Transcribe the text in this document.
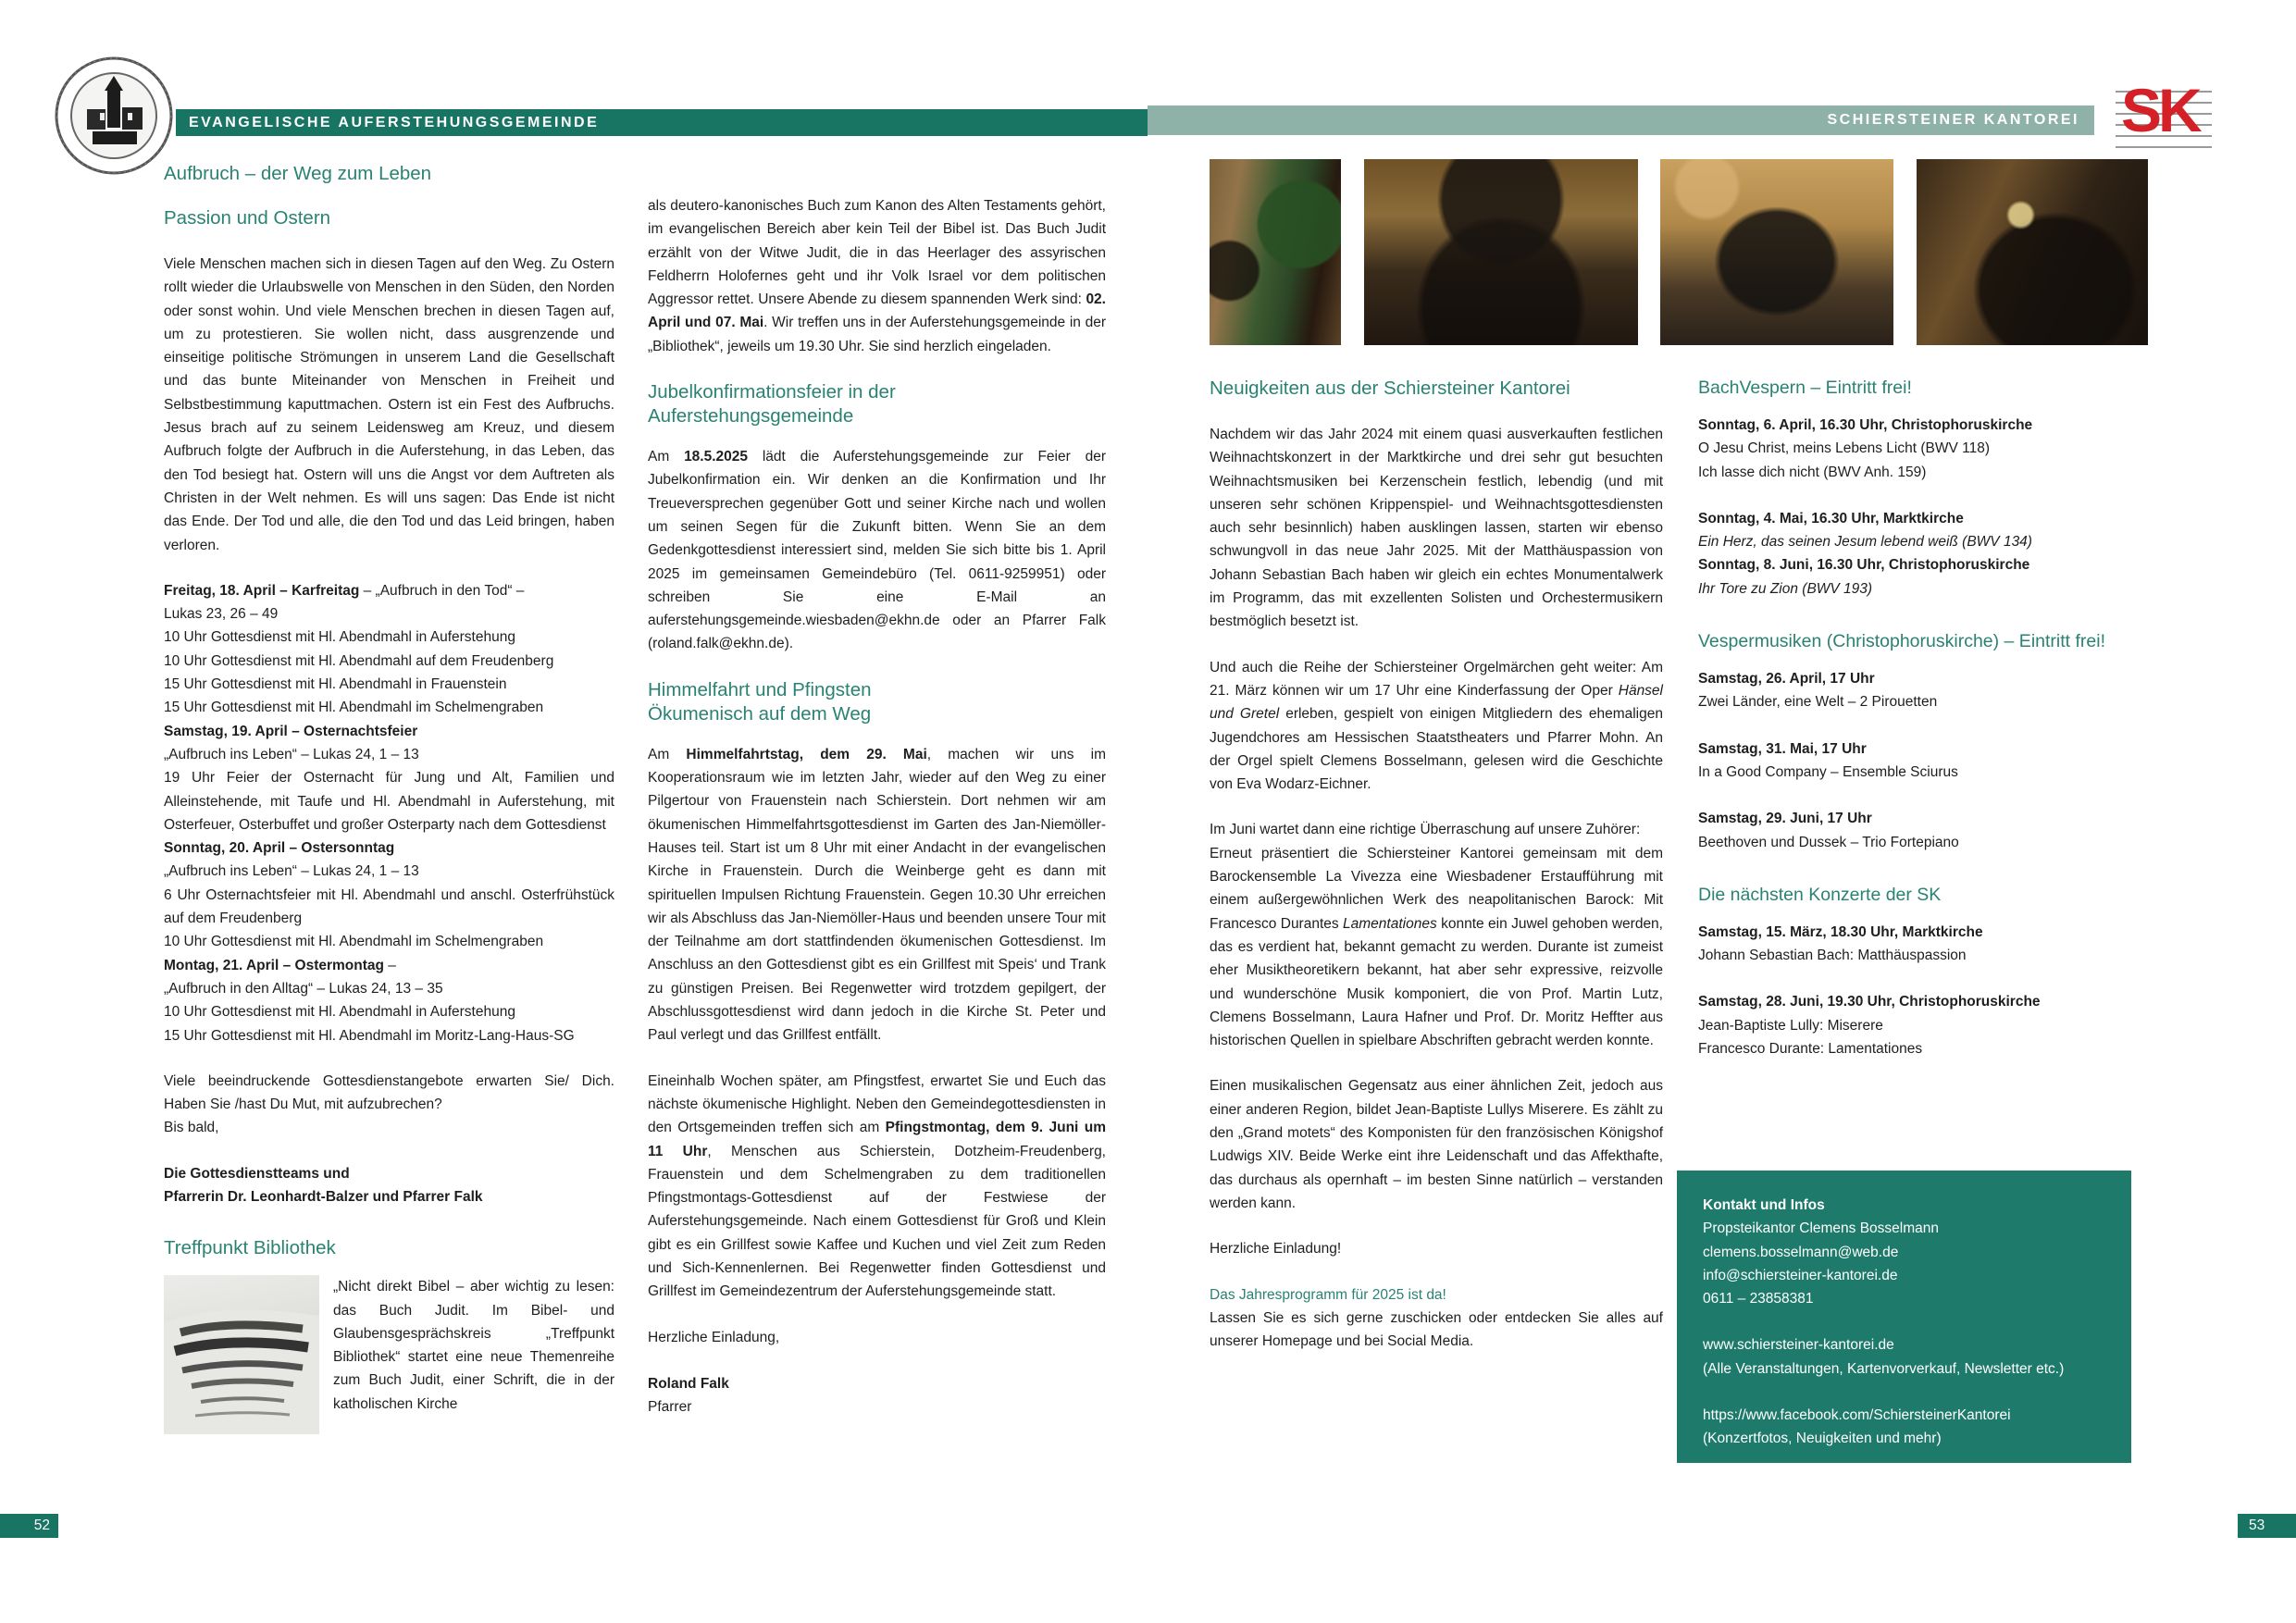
EVANGELISCHE AUFERSTEHUNGSGEMEINDE	SCHIERSTEINER KANTOREI SK
Aufbruch – der Weg zum Leben
Passion und Ostern

Viele Menschen machen sich in diesen Tagen auf den Weg. Zu Ostern rollt wieder die Urlaubswelle von Menschen in den Süden, den Norden oder sonst wohin. Und viele Menschen brechen in diesen Tagen auf, um zu protestieren. Sie wollen nicht, dass ausgrenzende und einseitige politische Strömungen in unserem Land die Gesellschaft und das bunte Miteinander von Menschen in Freiheit und Selbstbestimmung kaputtmachen. Ostern ist ein Fest des Aufbruchs. Jesus brach auf zu seinem Leidensweg am Kreuz, und diesem Aufbruch folgte der Aufbruch in die Auferstehung, in das Leben, das den Tod besiegt hat. Ostern will uns die Angst vor dem Auftreten als Christen in der Welt nehmen. Es will uns sagen: Das Ende ist nicht das Ende. Der Tod und alle, die den Tod und das Leid bringen, haben verloren.

Freitag, 18. April – Karfreitag – „Aufbruch in den Tod“ –
Lukas 23, 26 – 49
10 Uhr Gottesdienst mit Hl. Abendmahl in Auferstehung
10 Uhr Gottesdienst mit Hl. Abendmahl auf dem Freudenberg
15 Uhr Gottesdienst mit Hl. Abendmahl in Frauenstein
15 Uhr Gottesdienst mit Hl. Abendmahl im Schelmengraben
Samstag, 19. April – Osternachtsfeier
„Aufbruch ins Leben“ – Lukas 24, 1 – 13
19 Uhr Feier der Osternacht für Jung und Alt, Familien und Alleinstehende, mit Taufe und Hl. Abendmahl in Auferstehung, mit Osterfeuer, Osterbuffet und großer Osterparty nach dem Gottesdienst
Sonntag, 20. April – Ostersonntag
„Aufbruch ins Leben“ – Lukas 24, 1 – 13
6 Uhr Osternachtsfeier mit Hl. Abendmahl und anschl. Osterfrühstück auf dem Freudenberg
10 Uhr Gottesdienst mit Hl. Abendmahl im Schelmengraben
Montag, 21. April – Ostermontag –
„Aufbruch in den Alltag“ – Lukas 24, 13 – 35
10 Uhr Gottesdienst mit Hl. Abendmahl in Auferstehung
15 Uhr Gottesdienst mit Hl. Abendmahl im Moritz-Lang-Haus-SG
Viele beeindruckende Gottesdienstangebote erwarten Sie/ Dich. Haben Sie /hast Du Mut, mit aufzubrechen?
Bis bald,
Die Gottesdienstteams und
Pfarrerin Dr. Leonhardt-Balzer und Pfarrer Falk
Treffpunkt Bibliothek

„Nicht direkt Bibel – aber wichtig zu lesen: das Buch Judit. Im Bibel- und Glaubensgesprächskreis „Treffpunkt Bibliothek“ startet eine neue Themenreihe zum Buch Judit, einer Schrift, die in der katholischen Kirche

als deutero-kanonisches Buch zum Kanon des Alten Testaments gehört, im evangelischen Bereich aber kein Teil der Bibel ist. Das Buch Judit erzählt von der Witwe Judit, die in das Heerlager des assyrischen Feldherrn Holofernes geht und ihr Volk Israel vor dem politischen Aggressor rettet. Unsere Abende zu diesem spannenden Werk sind: 02. April und 07. Mai. Wir treffen uns in der Auferstehungsgemeinde in der „Bibliothek“, jeweils um 19.30 Uhr. Sie sind herzlich eingeladen.

Jubelkonfirmationsfeier in der
Auferstehungsgemeinde

Am 18.5.2025 lädt die Auferstehungsgemeinde zur Feier der Jubelkonfirmation ein. Wir denken an die Konfirmation und Ihr Treueversprechen gegenüber Gott und seiner Kirche nach und wollen um seinen Segen für die Zukunft bitten. Wenn Sie an dem Gedenkgottesdienst interessiert sind, melden Sie sich bitte bis 1. April 2025 im gemeinsamen Gemeindebüro (Tel. 0611-9259951) oder schreiben Sie eine E-Mail an auferstehungsgemeinde.wiesbaden@ekhn.de oder an Pfarrer Falk (roland.falk@ekhn.de).

Himmelfahrt und Pfingsten
Ökumenisch auf dem Weg

Am Himmelfahrtstag, dem 29. Mai, machen wir uns im Kooperationsraum wie im letzten Jahr, wieder auf den Weg zu einer Pilgertour von Frauenstein nach Schierstein. Dort nehmen wir am ökumenischen Himmelfahrtsgottesdienst im Garten des Jan-Niemöller-Hauses teil. Start ist um 8 Uhr mit einer Andacht in der evangelischen Kirche in Frauenstein. Durch die Weinberge geht es dann mit spirituellen Impulsen Richtung Frauenstein. Gegen 10.30 Uhr erreichen wir als Abschluss das Jan-Niemöller-Haus und beenden unsere Tour mit der Teilnahme am dort stattfindenden ökumenischen Gottesdienst. Im Anschluss an den Gottesdienst gibt es ein Grillfest mit Speis‘ und Trank zu günstigen Preisen. Bei Regenwetter wird trotzdem gepilgert, der Abschlussgottesdienst wird dann jedoch in die Kirche St. Peter und Paul verlegt und das Grillfest entfällt.

Eineinhalb Wochen später, am Pfingstfest, erwartet Sie und Euch das nächste ökumenische Highlight. Neben den Gemeindegottesdiensten in den Ortsgemeinden treffen sich am Pfingstmontag, dem 9. Juni um 11 Uhr, Menschen aus Schierstein, Dotzheim-Freudenberg, Frauenstein und dem Schelmengraben zu dem traditionellen Pfingstmontags-Gottesdienst auf der Festwiese der Auferstehungsgemeinde. Nach einem Gottesdienst für Groß und Klein gibt es ein Grillfest sowie Kaffee und Kuchen und viel Zeit zum Reden und Sich-Kennenlernen. Bei Regenwetter finden Gottesdienst und Grillfest im Gemeindezentrum der Auferstehungsgemeinde statt.

Herzliche Einladung,

Roland Falk
Pfarrer
Neuigkeiten aus der Schiersteiner Kantorei

Nachdem wir das Jahr 2024 mit einem quasi ausverkauften festlichen Weihnachtskonzert in der Marktkirche und drei sehr gut besuchten Weihnachtsmusiken bei Kerzenschein festlich, lebendig (und mit unseren sehr schönen Krippenspiel- und Weihnachtsgottesdiensten auch sehr besinnlich) haben ausklingen lassen, starten wir ebenso schwungvoll in das neue Jahr 2025. Mit der Matthäuspassion von Johann Sebastian Bach haben wir gleich ein echtes Monumentalwerk im Programm, das mit exzellenten Solisten und Orchestermusikern bestmöglich besetzt ist.

Und auch die Reihe der Schiersteiner Orgelmärchen geht weiter: Am 21. März können wir um 17 Uhr eine Kinderfassung der Oper Hänsel und Gretel erleben, gespielt von einigen Mitgliedern des ehemaligen Jugendchores am Hessischen Staatstheaters und Pfarrer Mohn. An der Orgel spielt Clemens Bosselmann, gelesen wird die Geschichte von Eva Wodarz-Eichner.

Im Juni wartet dann eine richtige Überraschung auf unsere Zuhörer:

Erneut präsentiert die Schiersteiner Kantorei gemeinsam mit dem Barockensemble La Vivezza eine Wiesbadener Erstaufführung mit einem außergewöhnlichen Werk des neapolitanischen Barock: Mit Francesco Durantes Lamentationes konnte ein Juwel gehoben werden, das es verdient hat, bekannt gemacht zu werden. Durante ist zumeist eher Musiktheoretikern bekannt, hat aber sehr expressive, reizvolle und wunderschöne Musik komponiert, die von Prof. Martin Lutz, Clemens Bosselmann, Laura Hafner und Prof. Dr. Moritz Heffter aus historischen Quellen in spielbare Abschriften gebracht werden konnte.

Einen musikalischen Gegensatz aus einer ähnlichen Zeit, jedoch aus einer anderen Region, bildet Jean-Baptiste Lullys Miserere. Es zählt zu den „Grand motets“ des Komponisten für den französischen Königshof Ludwigs XIV. Beide Werke eint ihre Leidenschaft und das Affekthafte, das durchaus als opernhaft – im besten Sinne natürlich – verstanden werden kann.

Herzliche Einladung!

Das Jahresprogramm für 2025 ist da!

Lassen Sie es sich gerne zuschicken oder entdecken Sie alles auf unserer Homepage und bei Social Media.

BachVespern – Eintritt frei!
Sonntag, 6. April, 16.30 Uhr, Christophoruskirche
O Jesu Christ, meins Lebens Licht (BWV 118)
Ich lasse dich nicht (BWV Anh. 159)
Sonntag, 4. Mai, 16.30 Uhr, Marktkirche
Ein Herz, das seinen Jesum lebend weiß (BWV 134)
Sonntag, 8. Juni, 16.30 Uhr, Christophoruskirche
Ihr Tore zu Zion (BWV 193)
Vespermusiken (Christophoruskirche) – Eintritt frei!
Samstag, 26. April, 17 Uhr
Zwei Länder, eine Welt – 2 Pirouetten
Samstag, 31. Mai, 17 Uhr
In a Good Company – Ensemble Sciurus
Samstag, 29. Juni, 17 Uhr
Beethoven und Dussek – Trio Fortepiano
Die nächsten Konzerte der SK
Samstag, 15. März, 18.30 Uhr, Marktkirche
Johann Sebastian Bach: Matthäuspassion
Samstag, 28. Juni, 19.30 Uhr, Christophoruskirche
Jean-Baptiste Lully: Miserere
Francesco Durante: Lamentationes
Kontakt und Infos
Propsteikantor Clemens Bosselmann
clemens.bosselmann@web.de
info@schiersteiner-kantorei.de
0611 – 23858381
www.schiersteiner-kantorei.de
(Alle Veranstaltungen, Kartenvorverkauf, Newsletter etc.)
https://www.facebook.com/SchiersteinerKantorei
(Konzertfotos, Neuigkeiten und mehr)
www.instagram.com/schiersteiner_kantorei
52	53
